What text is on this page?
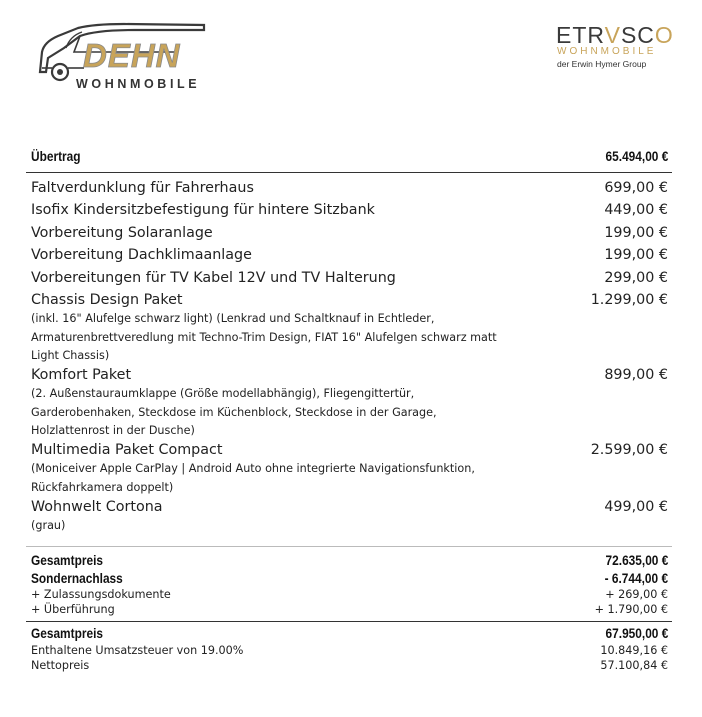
DEHN
WOHNMOBILE
ETRVSCO
WOHNMOBILE
der Erwin Hymer Group
Übertrag	65.494,00 €
Faltverdunklung für Fahrerhaus	699,00 €
Isofix Kindersitzbefestigung für hintere Sitzbank	449,00 €
Vorbereitung Solaranlage	199,00 €
Vorbereitung Dachklimaanlage	199,00 €
Vorbereitungen für TV Kabel 12V und TV Halterung	299,00 €
Chassis Design Paket	1.299,00 €
(inkl. 16" Alufelge schwarz light) (Lenkrad und Schaltknauf in Echtleder,
Armaturenbrettveredlung mit Techno-Trim Design, FIAT 16" Alufelgen schwarz matt
Light Chassis)
Komfort Paket	899,00 €
(2. Außenstauraumklappe (Größe modellabhängig), Fliegengittertür,
Garderobenhaken, Steckdose im Küchenblock, Steckdose in der Garage,
Holzlattenrost in der Dusche)
Multimedia Paket Compact	2.599,00 €
(Moniceiver Apple CarPlay | Android Auto ohne integrierte Navigationsfunktion,
Rückfahrkamera doppelt)
Wohnwelt Cortona	499,00 €
(grau)
Gesamtpreis	72.635,00 €
Sondernachlass	- 6.744,00 €
+ Zulassungsdokumente	+ 269,00 €
+ Überführung	+ 1.790,00 €
Gesamtpreis	67.950,00 €
Enthaltene Umsatzsteuer von 19.00%	10.849,16 €
Nettopreis	57.100,84 €
